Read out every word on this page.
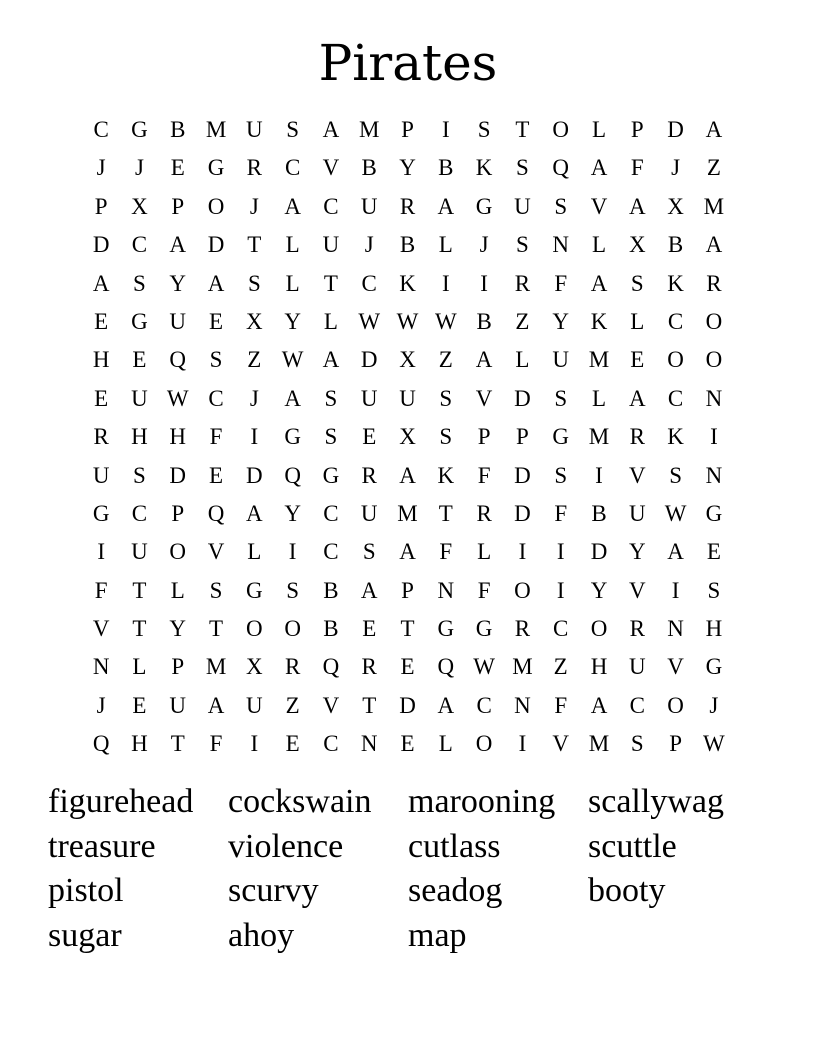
Pirates
C G B M U	S	A M P	I	S	T O L	P	D A
J	J	E G R C V B Y B K	S	Q A	F	J	Z
P	X	P	O	J	A C U R A G U	S	V A X M
D C A D T	L U	J	B	L	J	S	N L X B A
A	S	Y A	S	L	T	C K	I	I	R	F	A	S	K R
E G U E X Y L W W W B	Z Y K L	C O
H E Q	S	Z W A D X Z A L U M E O O
E U W C	J	A	S	U U	S	V D	S	L A C N
R H H	F	I	G	S	E X	S	P	P	G M R K	I
U	S	D E D Q G R A K	F	D	S	I	V	S	N
G C	P	Q A Y C U M T	R D	F	B U W G
I	U O V L	I	C	S	A	F	L	I	I	D Y A E
F	T	L	S	G	S	B A	P	N	F	O	I	Y V	I	S
V T Y T O O B	E	T G G R C O R N H
N L	P M X R Q R	E Q W M Z H U V G
J	E U A U Z V T D A C N	F	A C O	J
Q H T	F	I	E	C N E	L O	I	V M S	P W
figurehead	cockswain	marooning scallywag
treasure	violence	cutlass	scuttle
pistol	scurvy	seadog	booty
sugar	ahoy	map
